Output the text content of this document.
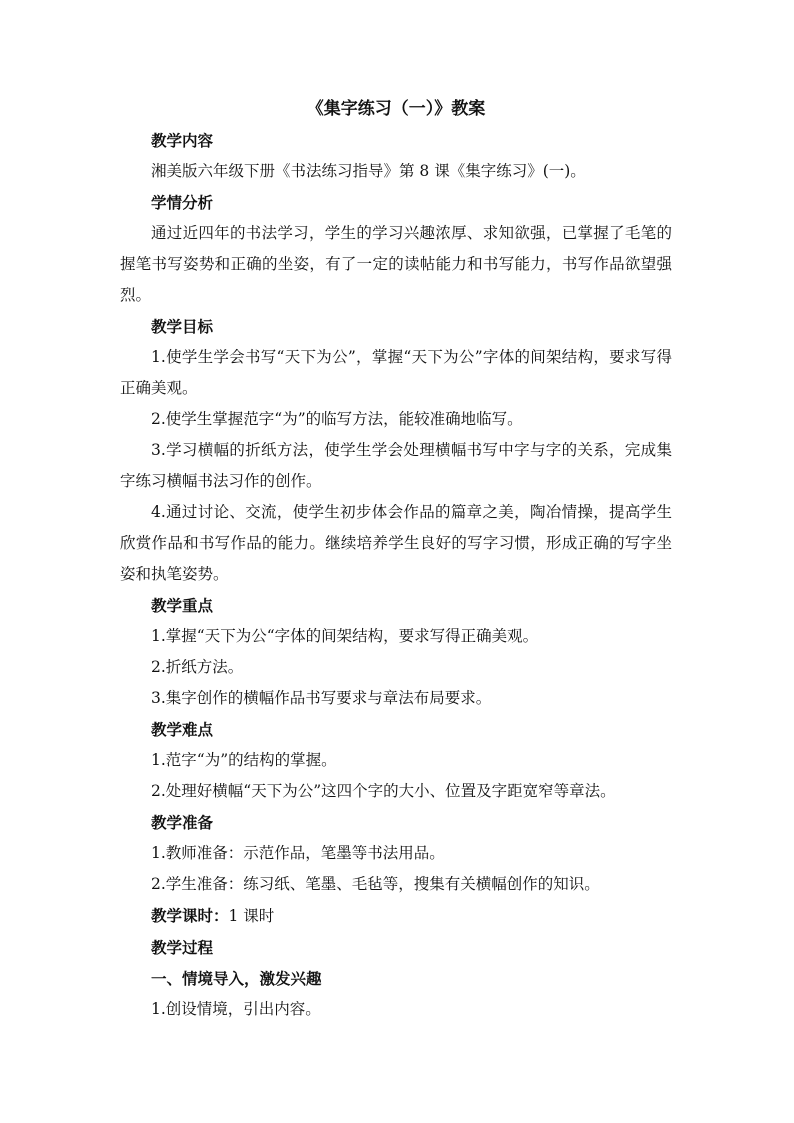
《集字练习（一）》教案

教学内容

湘美版六年级下册《书法练习指导》第 8 课《集字练习》(一)。

学情分析

通过近四年的书法学习，学生的学习兴趣浓厚、求知欲强，已掌握了毛笔的握笔书写姿势和正确的坐姿，有了一定的读帖能力和书写能力，书写作品欲望强烈。

教学目标

1.使学生学会书写“天下为公”，掌握“天下为公”字体的间架结构，要求写得正确美观。

2.使学生掌握范字“为”的临写方法，能较准确地临写。

3.学习横幅的折纸方法，使学生学会处理横幅书写中字与字的关系，完成集字练习横幅书法习作的创作。

4.通过讨论、交流，使学生初步体会作品的篇章之美，陶冶情操，提高学生欣赏作品和书写作品的能力。继续培养学生良好的写字习惯，形成正确的写字坐姿和执笔姿势。

教学重点

1.掌握“天下为公“字体的间架结构，要求写得正确美观。

2.折纸方法。

3.集字创作的横幅作品书写要求与章法布局要求。

教学难点

1.范字“为”的结构的掌握。

2.处理好横幅“天下为公”这四个字的大小、位置及字距宽窄等章法。

教学准备

1.教师准备：示范作品，笔墨等书法用品。

2.学生准备：练习纸、笔墨、毛毡等，搜集有关横幅创作的知识。

教学课时：1 课时

教学过程

一、情境导入，激发兴趣

1.创设情境，引出内容。
